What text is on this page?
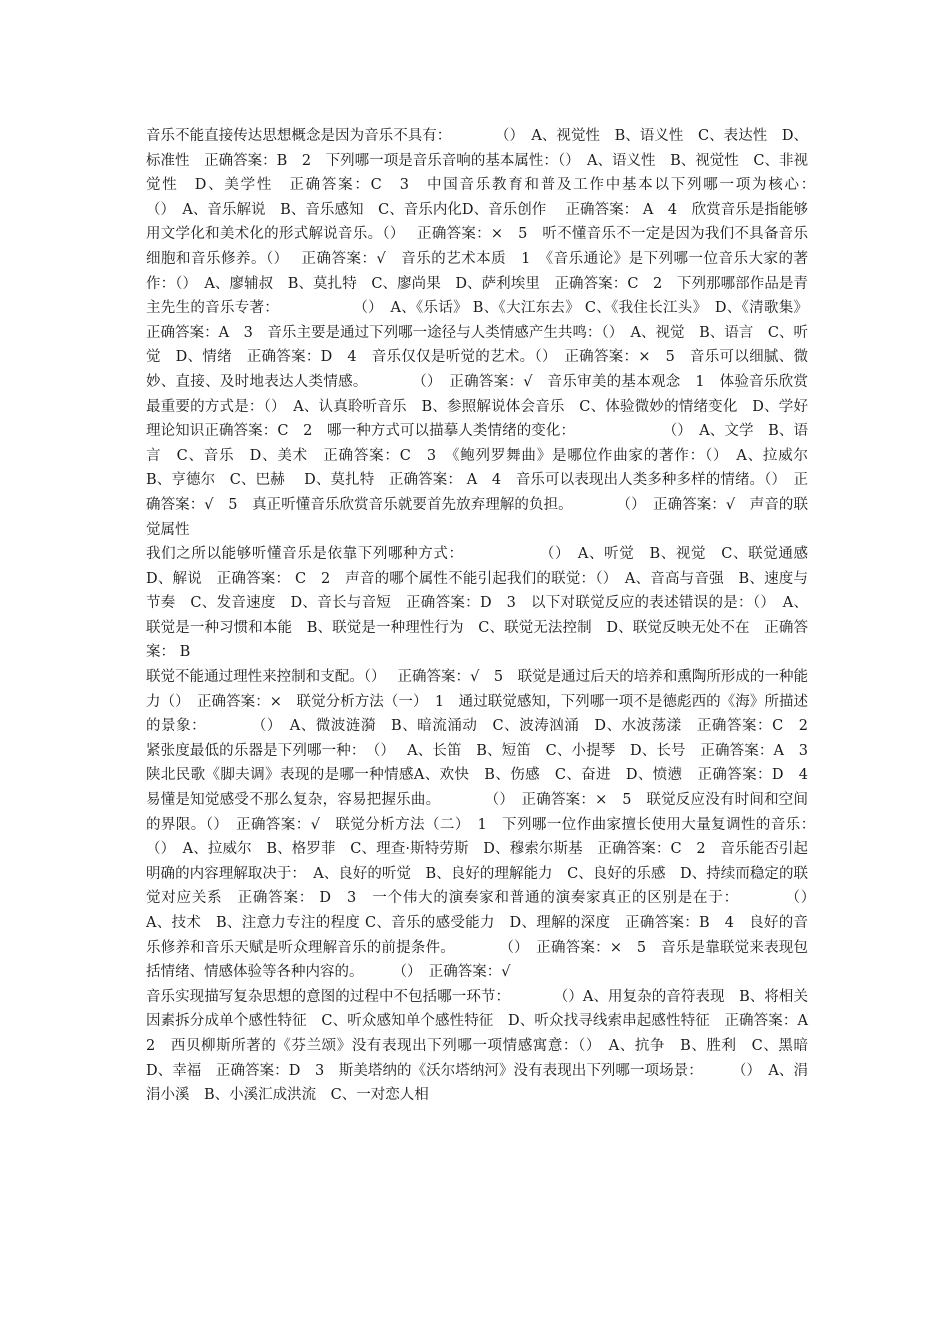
音乐不能直接传达思想概念是因为音乐不具有：　　　　（）　A、视觉性　B、语义性　C、表达性　D、标准性　正确答案：B　2　下列哪一项是音乐音响的基本属性：（）　A、语义性　B、视觉性　C、非视觉性　D、美学性　正确答案：C　3　中国音乐教育和普及工作中基本以下列哪一项为核心：　　　　（）　A、音乐解说　B、音乐感知　C、音乐内化D、音乐创作　 正确答案： A　4　欣赏音乐是指能够用文学化和美术化的形式解说音乐。（）　 正确答案：×　5　听不懂音乐不一定是因为我们不具备音乐细胞和音乐修养。（）　 正确答案：√　音乐的艺术本质　1　《音乐通论》是下列哪一位音乐大家的著作：（）　A、廖辅叔　B、莫扎特　C、廖尚果　D、萨利埃里　正确答案：C　2　下列那哪部作品是青主先生的音乐专著：　　　　　　（）　A、《乐话》 B、《大江东去》 C、《我住长江头》　D、《清歌集》正确答案：A　3　音乐主要是通过下列哪一途径与人类情感产生共鸣：（）　A、视觉　B、语言　C、听觉　D、情绪　正确答案：D　4　音乐仅仅是听觉的艺术。（）　正确答案：×　5　音乐可以细腻、微妙、直接、及时地表达人类情感。　　　　（）　正确答案：√　音乐审美的基本观念　1　体验音乐欣赏最重要的方式是：（）　A、认真聆听音乐　B、参照解说体会音乐　C、体验微妙的情绪变化　D、学好理论知识正确答案：C　2　哪一种方式可以描摹人类情绪的变化：　　　　　　　（）　A、文学　B、语言　C、音乐　D、美术　正确答案：C　3　《鲍列罗舞曲》是哪位作曲家的著作：（）　A、拉威尔　B、亨德尔　C、巴赫　 D、莫扎特　正确答案： A　4　音乐可以表现出人类多种多样的情绪。（）　正确答案：√　5　真正听懂音乐欣赏音乐就要首先放弃理解的负担。　　　　（）　正确答案：√　声音的联觉属性

我们之所以能够听懂音乐是依靠下列哪种方式：　　　　　　（）　A、听觉　B、视觉　C、联觉通感　 D、解说　正确答案： C　2　声音的哪个属性不能引起我们的联觉：（）　A、音高与音强　B、速度与节奏　C、发音速度　D、音长与音短　正确答案：D　3　以下对联觉反应的表述错误的是：（）　A、联觉是一种习惯和本能　B、联觉是一种理性行为　C、联觉无法控制　D、联觉反映无处不在　正确答案： B

联觉不能通过理性来控制和支配。（）　 正确答案：√　5　联觉是通过后天的培养和熏陶所形成的一种能力（）　正确答案：×　联觉分析方法（一）　1　通过联觉感知，下列哪一项不是德彪西的《海》所描述的景象：　　　　（）　A、微波涟漪　B、暗流涌动　C、波涛汹涌　D、水波荡漾　正确答案：C　2　紧张度最低的乐器是下列哪一种：　（）　 A、长笛　B、短笛　C、小提琴　D、长号　正确答案：A　3　陕北民歌《脚夫调》表现的是哪一种情感A、欢快　B、伤感　C、奋进　D、愤懑　正确答案：D　4　易懂是知觉感受不那么复杂，容易把握乐曲。　　　　（）　正确答案：×　5　联觉反应没有时间和空间的界限。（）　正确答案：√　联觉分析方法（二）　1　下列哪一位作曲家擅长使用大量复调性的音乐：　　　　（）　A、拉威尔　B、格罗菲　C、理查·斯特劳斯　D、穆索尔斯基　正确答案：C　2　音乐能否引起明确的内容理解取决于：　A、良好的听觉　B、良好的理解能力　C、良好的乐感　D、持续而稳定的联觉对应关系　正确答案： D　3　一个伟大的演奏家和普通的演奏家真正的区别是在于：　　　　（）　A、技术　B、注意力专注的程度 C、音乐的感受能力　D、理解的深度　正确答案：B　4　良好的音乐修养和音乐天赋是听众理解音乐的前提条件。　　　　（）　正确答案：×　5　音乐是靠联觉来表现包括情绪、情感体验等各种内容的。　　　（）　正确答案：√

音乐实现描写复杂思想的意图的过程中不包括哪一环节：　　　　（）A、用复杂的音符表现　B、将相关因素拆分成单个感性特征　C、听众感知单个感性特征　D、听众找寻线索串起感性特征　正确答案：A　2　西贝柳斯所著的《芬兰颂》没有表现出下列哪一项情感寓意：（）　A、抗争　B、胜利　C、黑暗　D、幸福　正确答案：D　3　斯美塔纳的《沃尔塔纳河》没有表现出下列哪一项场景：　　　（）　A、涓涓小溪　B、小溪汇成洪流　C、一对恋人相
